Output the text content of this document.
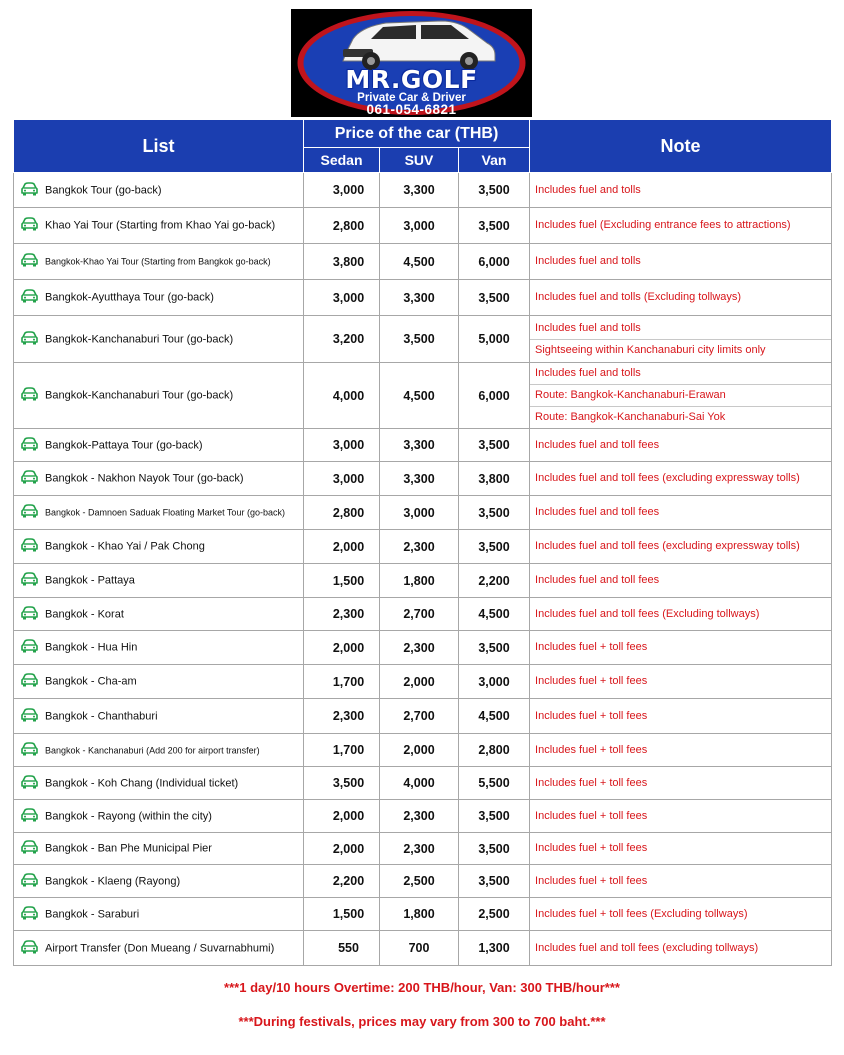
MR.GOLF
Private Car & Driver
061-054-6821
List	Price of the car (THB)			Note
	Sedan	SUV	Van	
Bangkok Tour (go-back)	3,000	3,300	3,500	Includes fuel and tolls

Khao Yai Tour (Starting from Khao Yai go-back)	2,800	3,000	3,500	Includes fuel (Excluding entrance fees to attractions)

Bangkok-Khao Yai Tour (Starting from Bangkok go-back)	3,800	4,500	6,000	Includes fuel and tolls

Bangkok-Ayutthaya Tour (go-back)	3,000	3,300	3,500	Includes fuel and tolls (Excluding tollways)

Bangkok-Kanchanaburi Tour (go-back)	3,200	3,500	5,000	Includes fuel and tolls
Sightseeing within Kanchanaburi city limits only

Bangkok-Kanchanaburi Tour (go-back)	4,000	4,500	6,000	Includes fuel and tolls
Route: Bangkok-Kanchanaburi-Erawan
Route: Bangkok-Kanchanaburi-Sai Yok

Bangkok-Pattaya Tour (go-back)	3,000	3,300	3,500	Includes fuel and toll fees

Bangkok - Nakhon Nayok Tour (go-back)	3,000	3,300	3,800	Includes fuel and toll fees (excluding expressway tolls)

Bangkok - Damnoen Saduak Floating Market Tour (go-back)	2,800	3,000	3,500	Includes fuel and toll fees

Bangkok - Khao Yai / Pak Chong	2,000	2,300	3,500	Includes fuel and toll fees (excluding expressway tolls)

Bangkok - Pattaya	1,500	1,800	2,200	Includes fuel and toll fees

Bangkok - Korat	2,300	2,700	4,500	Includes fuel and toll fees (Excluding tollways)

Bangkok - Hua Hin	2,000	2,300	3,500	Includes fuel + toll fees

Bangkok - Cha-am	1,700	2,000	3,000	Includes fuel + toll fees

Bangkok - Chanthaburi	2,300	2,700	4,500	Includes fuel + toll fees

Bangkok - Kanchanaburi (Add 200 for airport transfer)	1,700	2,000	2,800	Includes fuel + toll fees

Bangkok - Koh Chang (Individual ticket)	3,500	4,000	5,500	Includes fuel + toll fees

Bangkok - Rayong (within the city)	2,000	2,300	3,500	Includes fuel + toll fees

Bangkok - Ban Phe Municipal Pier	2,000	2,300	3,500	Includes fuel + toll fees

Bangkok - Klaeng (Rayong)	2,200	2,500	3,500	Includes fuel + toll fees

Bangkok - Saraburi	1,500	1,800	2,500	Includes fuel + toll fees (Excluding tollways)

Airport Transfer (Don Mueang / Suvarnabhumi)	550	700	1,300	Includes fuel and toll fees (excluding tollways)
***1 day/10 hours Overtime: 200 THB/hour, Van: 300 THB/hour***
***During festivals, prices may vary from 300 to 700 baht.***
